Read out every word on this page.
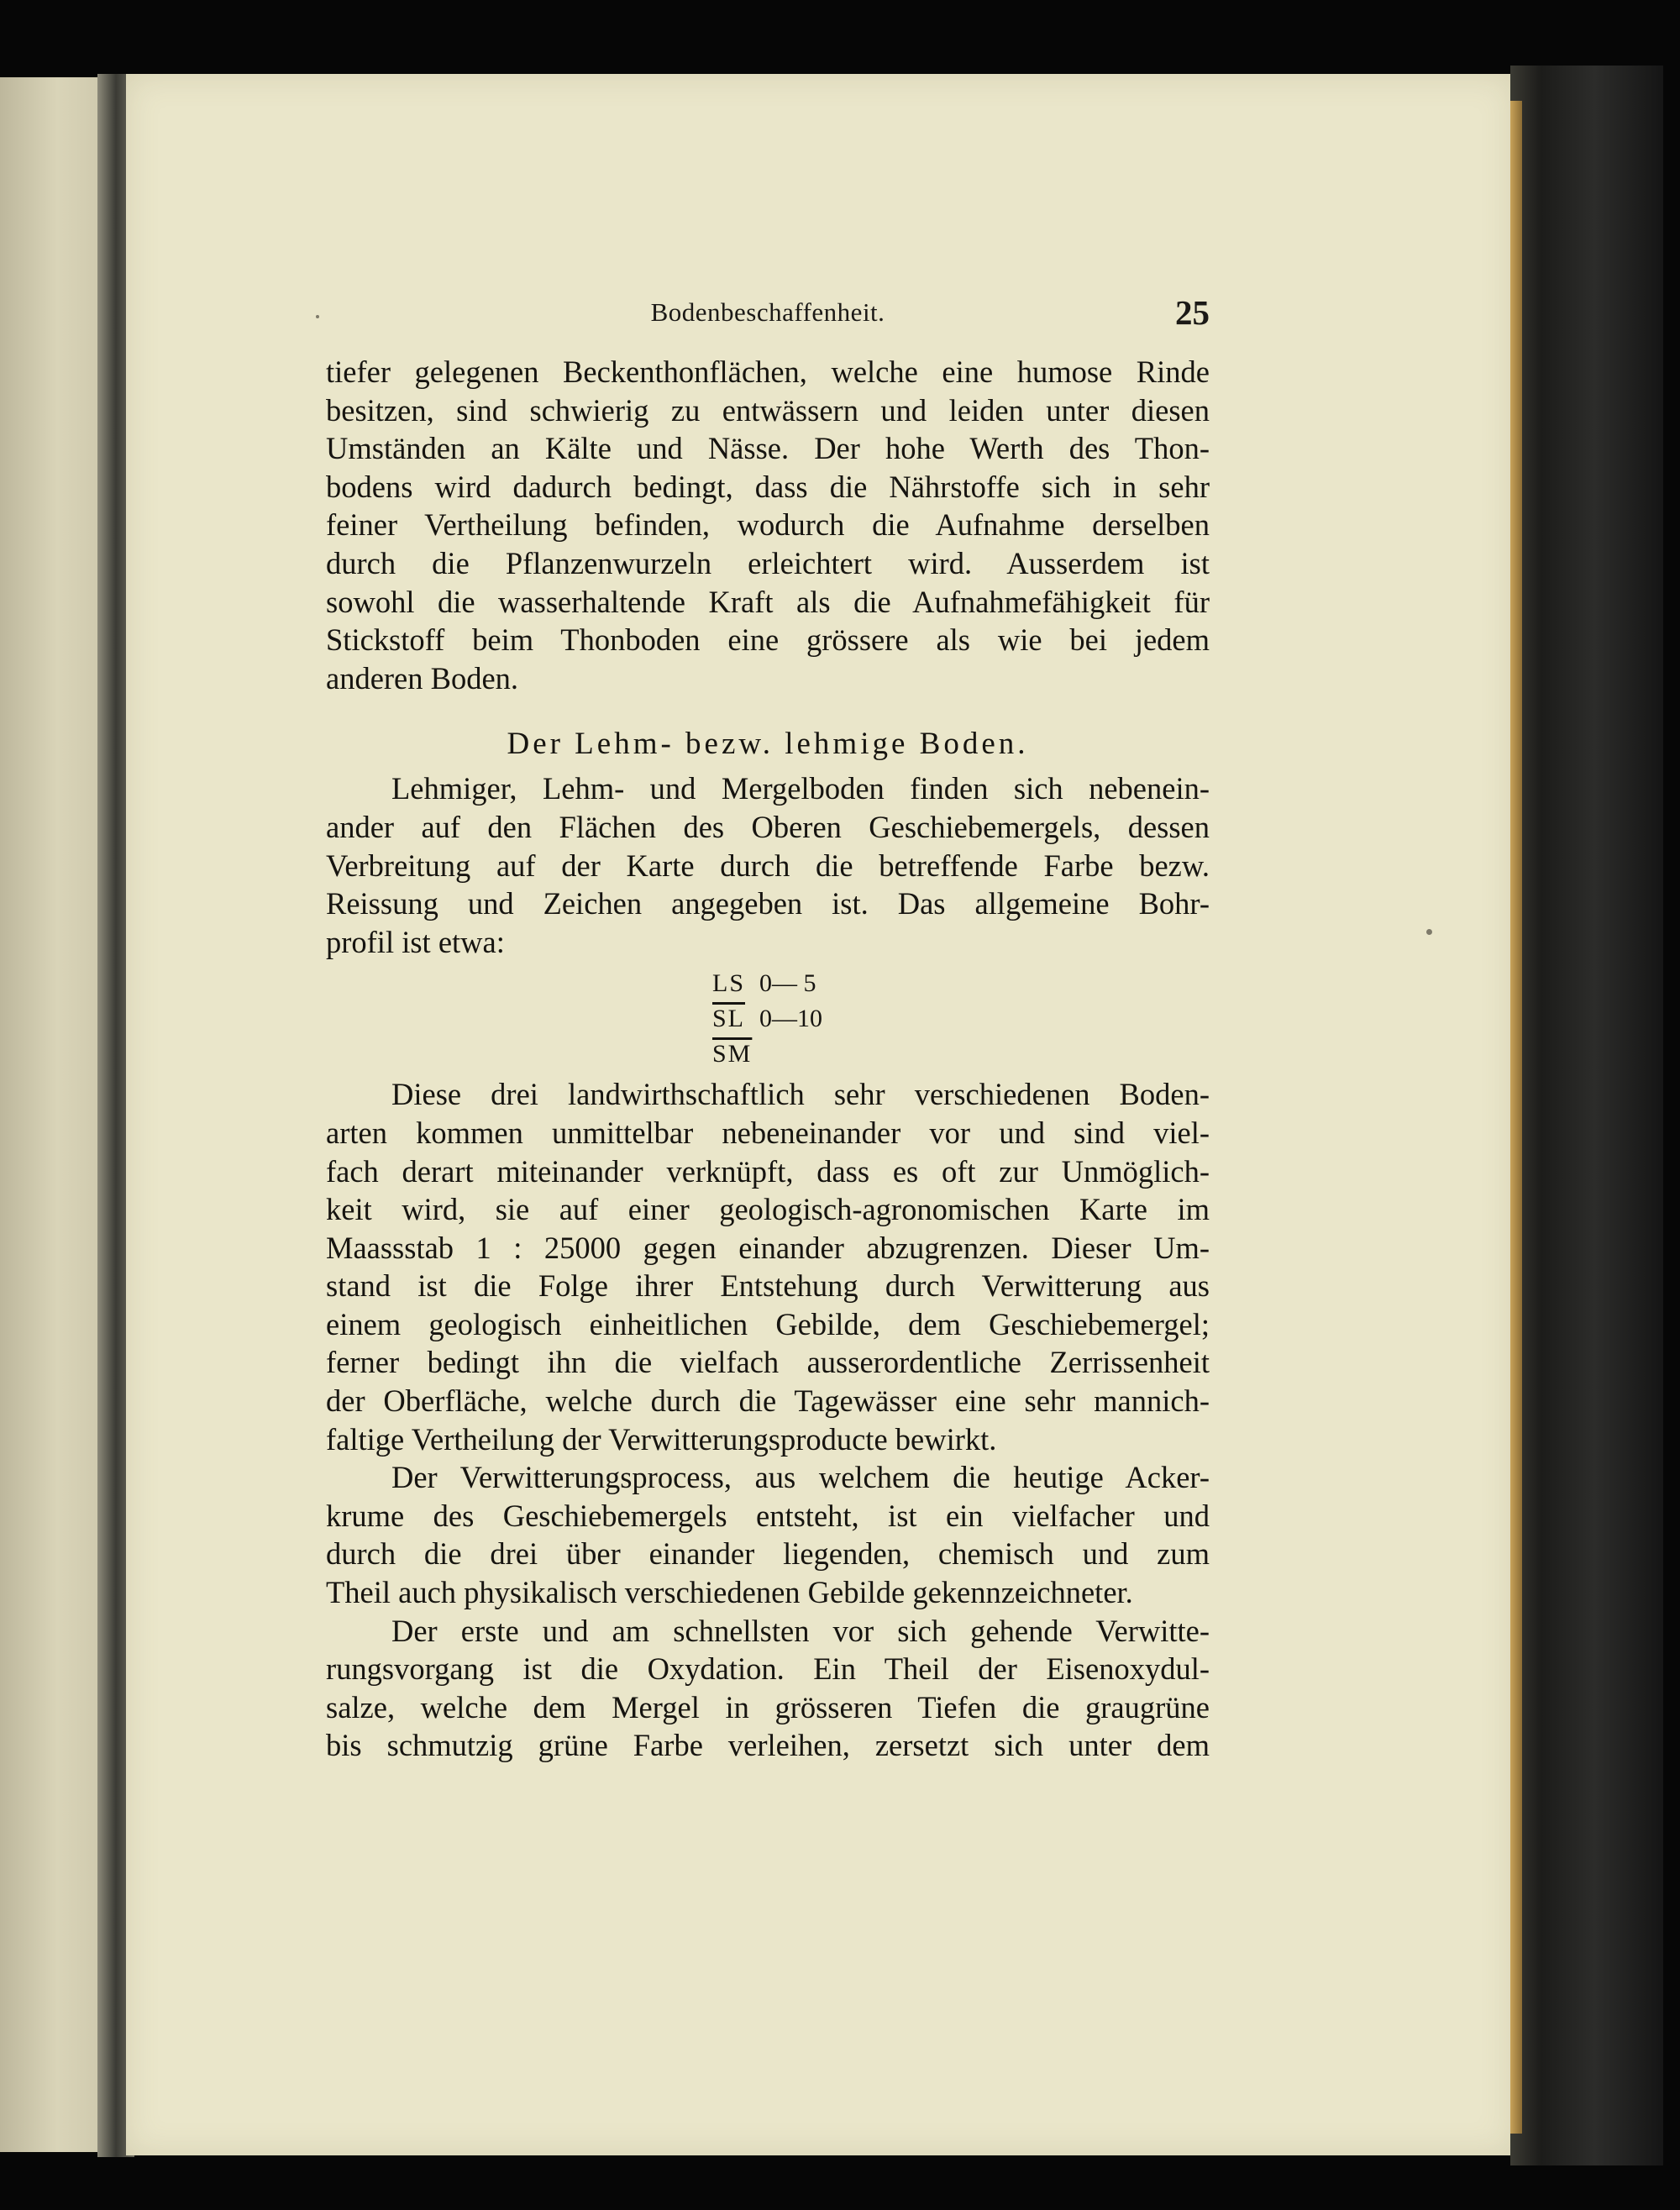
Bodenbeschaffenheit.	25
tiefer gelegenen Beckenthonflächen, welche eine humose Rinde
besitzen, sind schwierig zu entwässern und leiden unter diesen
Umständen an Kälte und Nässe. Der hohe Werth des Thon-
bodens wird dadurch bedingt, dass die Nährstoffe sich in sehr
feiner Vertheilung befinden, wodurch die Aufnahme derselben
durch die Pflanzenwurzeln erleichtert wird. Ausserdem ist
sowohl die wasserhaltende Kraft als die Aufnahmefähigkeit für
Stickstoff beim Thonboden eine grössere als wie bei jedem
anderen Boden.
Der Lehm- bezw. lehmige Boden.
Lehmiger, Lehm- und Mergelboden finden sich nebenein-
ander auf den Flächen des Oberen Geschiebemergels, dessen
Verbreitung auf der Karte durch die betreffende Farbe bezw.
Reissung und Zeichen angegeben ist. Das allgemeine Bohr-
profil ist etwa:
LS 0— 5
$\overline{SL}$ 0—10
$\overline{SM}$
Diese drei landwirthschaftlich sehr verschiedenen Boden-
arten kommen unmittelbar nebeneinander vor und sind viel-
fach derart miteinander verknüpft, dass es oft zur Unmöglich-
keit wird, sie auf einer geologisch-agronomischen Karte im
Maassstab 1 : 25000 gegen einander abzugrenzen. Dieser Um-
stand ist die Folge ihrer Entstehung durch Verwitterung aus
einem geologisch einheitlichen Gebilde, dem Geschiebemergel;
ferner bedingt ihn die vielfach ausserordentliche Zerrissenheit
der Oberfläche, welche durch die Tagewässer eine sehr mannich-
faltige Vertheilung der Verwitterungsproducte bewirkt.
Der Verwitterungsprocess, aus welchem die heutige Acker-
krume des Geschiebemergels entsteht, ist ein vielfacher und
durch die drei über einander liegenden, chemisch und zum
Theil auch physikalisch verschiedenen Gebilde gekennzeichneter.
Der erste und am schnellsten vor sich gehende Verwitte-
rungsvorgang ist die Oxydation. Ein Theil der Eisenoxydul-
salze, welche dem Mergel in grösseren Tiefen die graugrüne
bis schmutzig grüne Farbe verleihen, zersetzt sich unter dem
